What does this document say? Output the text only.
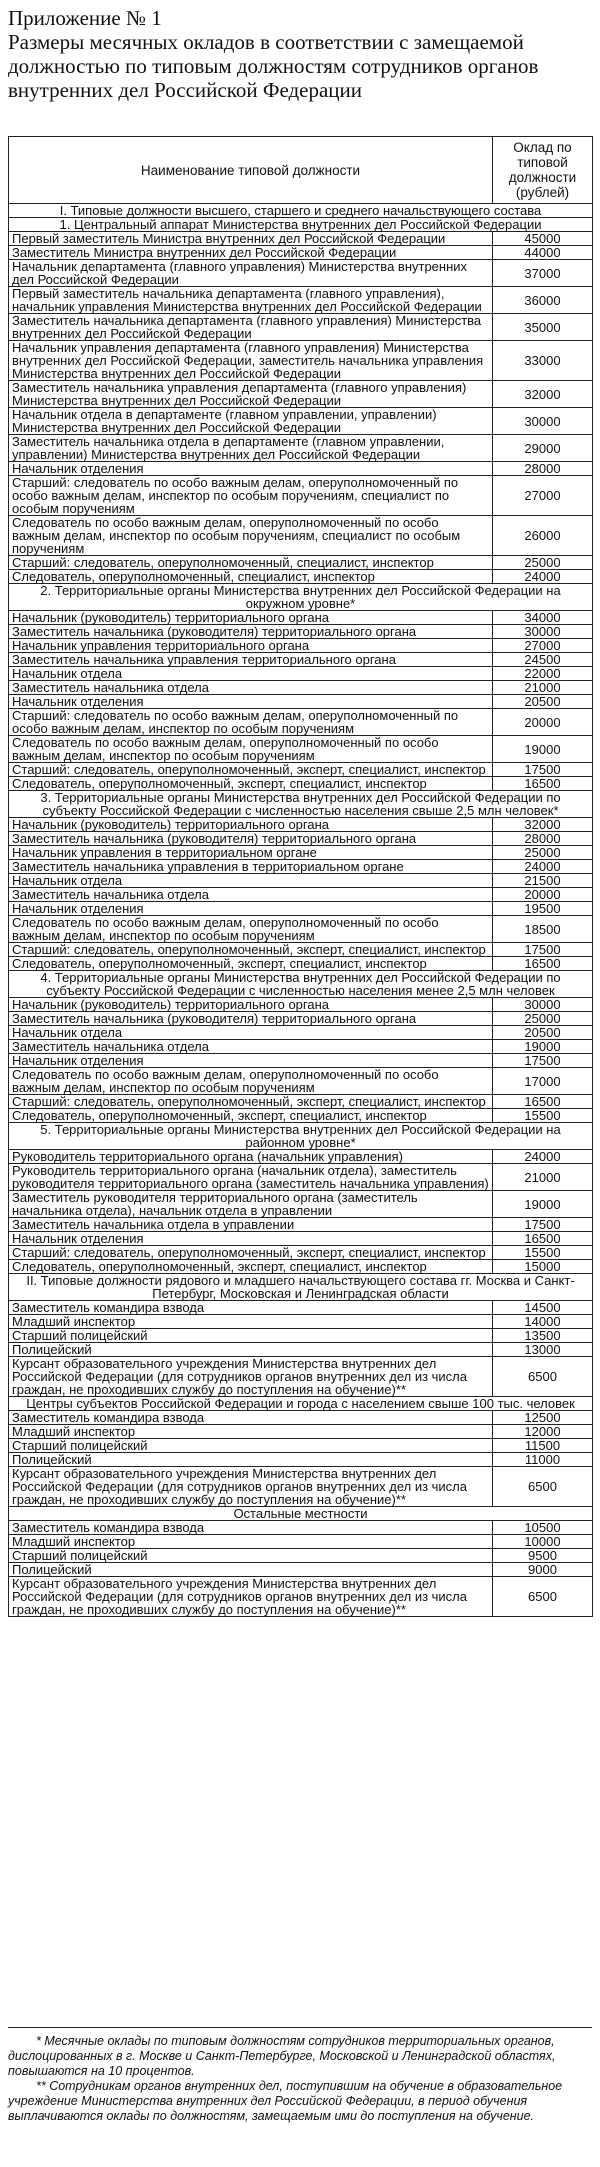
Приложение № 1
Размеры месячных окладов в соответствии с замещаемой
должностью по типовым должностям сотрудников органов
внутренних дел Российской Федерации
Наименование типовой должности	Оклад по типовой должности (рублей)
I. Типовые должности высшего, старшего и среднего начальствующего состава	
1. Центральный аппарат Министерства внутренних дел Российской Федерации	
Первый заместитель Министра внутренних дел Российской Федерации	45000
Заместитель Министра внутренних дел Российской Федерации	44000
Начальник департамента (главного управления) Министерства внутренних дел Российской Федерации	37000
Первый заместитель начальника департамента (главного управления), начальник управления Министерства внутренних дел Российской Федерации	36000
Заместитель начальника департамента (главного управления) Министерства внутренних дел Российской Федерации	35000
Начальник управления департамента (главного управления) Министерства внутренних дел Российской Федерации, заместитель начальника управления Министерства внутренних дел Российской Федерации	33000
Заместитель начальника управления департамента (главного управления) Министерства внутренних дел Российской Федерации	32000
Начальник отдела в департаменте (главном управлении, управлении) Министерства внутренних дел Российской Федерации	30000
Заместитель начальника отдела в департаменте (главном управлении, управлении) Министерства внутренних дел Российской Федерации	29000
Начальник отделения	28000
Старший: следователь по особо важным делам, оперуполномоченный по особо важным делам, инспектор по особым поручениям, специалист по особым поручениям	27000
Следователь по особо важным делам, оперуполномоченный по особо важным делам, инспектор по особым поручениям, специалист по особым поручениям	26000
Старший: следователь, оперуполномоченный, специалист, инспектор	25000
Следователь, оперуполномоченный, специалист, инспектор	24000
2. Территориальные органы Министерства внутренних дел Российской Федерации на окружном уровне*	
Начальник (руководитель) территориального органа	34000
Заместитель начальника (руководителя) территориального органа	30000
Начальник управления территориального органа	27000
Заместитель начальника управления территориального органа	24500
Начальник отдела	22000
Заместитель начальника отдела	21000
Начальник отделения	20500
Старший: следователь по особо важным делам, оперуполномоченный по особо важным делам, инспектор по особым поручениям	20000
Следователь по особо важным делам, оперуполномоченный по особо важным делам, инспектор по особым поручениям	19000
Старший: следователь, оперуполномоченный, эксперт, специалист, инспектор	17500
Следователь, оперуполномоченный, эксперт, специалист, инспектор	16500
3. Территориальные органы Министерства внутренних дел Российской Федерации по субъекту Российской Федерации с численностью населения свыше 2,5 млн человек*	
Начальник (руководитель) территориального органа	32000
Заместитель начальника (руководителя) территориального органа	28000
Начальник управления в территориальном органе	25000
Заместитель начальника управления в территориальном органе	24000
Начальник отдела	21500
Заместитель начальника отдела	20000
Начальник отделения	19500
Следователь по особо важным делам, оперуполномоченный по особо важным делам, инспектор по особым поручениям	18500
Старший: следователь, оперуполномоченный, эксперт, специалист, инспектор	17500
Следователь, оперуполномоченный, эксперт, специалист, инспектор	16500
4. Территориальные органы Министерства внутренних дел Российской Федерации по субъекту Российской Федерации с численностью населения менее 2,5 млн человек	
Начальник (руководитель) территориального органа	30000
Заместитель начальника (руководителя) территориального органа	25000
Начальник отдела	20500
Заместитель начальника отдела	19000
Начальник отделения	17500
Следователь по особо важным делам, оперуполномоченный по особо важным делам, инспектор по особым поручениям	17000
Старший: следователь, оперуполномоченный, эксперт, специалист, инспектор	16500
Следователь, оперуполномоченный, эксперт, специалист, инспектор	15500
5. Территориальные органы Министерства внутренних дел Российской Федерации на районном уровне*	
Руководитель территориального органа (начальник управления)	24000
Руководитель территориального органа (начальник отдела), заместитель руководителя территориального органа (заместитель начальника управления)	21000
Заместитель руководителя территориального органа (заместитель начальника отдела), начальник отдела в управлении	19000
Заместитель начальника отдела в управлении	17500
Начальник отделения	16500
Старший: следователь, оперуполномоченный, эксперт, специалист, инспектор	15500
Следователь, оперуполномоченный, эксперт, специалист, инспектор	15000
II. Типовые должности рядового и младшего начальствующего состава гг. Москва и Санкт-Петербург, Московская и Ленинградская области	
Заместитель командира взвода	14500
Младший инспектор	14000
Старший полицейский	13500
Полицейский	13000
Курсант образовательного учреждения Министерства внутренних дел Российской Федерации (для сотрудников органов внутренних дел из числа граждан, не проходивших службу до поступления на обучение)**	6500
Центры субъектов Российской Федерации и города с населением свыше 100 тыс. человек	
Заместитель командира взвода	12500
Младший инспектор	12000
Старший полицейский	11500
Полицейский	11000
Курсант образовательного учреждения Министерства внутренних дел Российской Федерации (для сотрудников органов внутренних дел из числа граждан, не проходивших службу до поступления на обучение)**	6500
Остальные местности	
Заместитель командира взвода	10500
Младший инспектор	10000
Старший полицейский	9500
Полицейский	9000
Курсант образовательного учреждения Министерства внутренних дел Российской Федерации (для сотрудников органов внутренних дел из числа граждан, не проходивших службу до поступления на обучение)**	6500

* Месячные оклады по типовым должностям сотрудников территориальных органов, дислоцированных в г. Москве и Санкт-Петербурге, Московской и Ленинградской областях, повышаются на 10 процентов.

** Сотрудникам органов внутренних дел, поступившим на обучение в образовательное учреждение Министерства внутренних дел Российской Федерации, в период обучения выплачиваются оклады по должностям, замещаемым ими до поступления на обучение.
